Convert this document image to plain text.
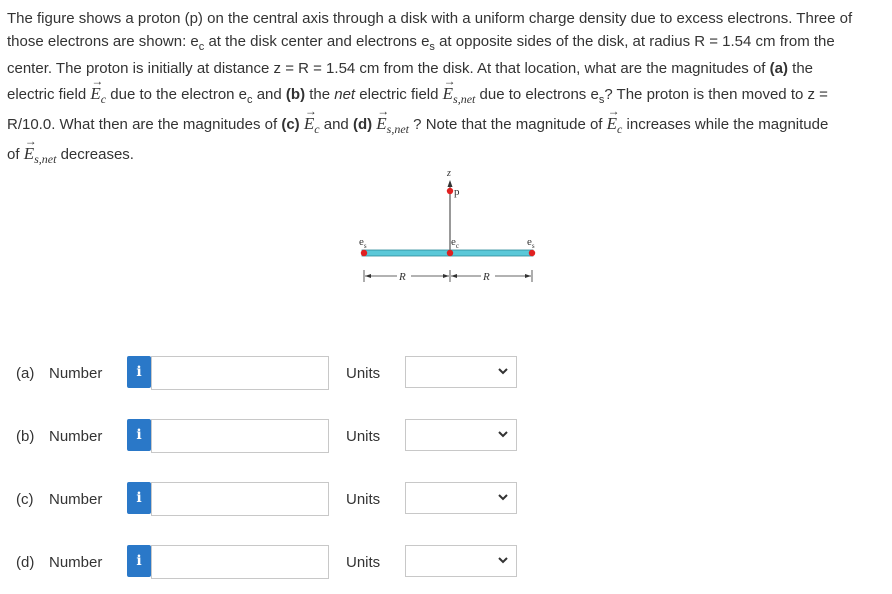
The figure shows a proton (p) on the central axis through a disk with a uniform charge density due to excess electrons. Three of

those electrons are shown: $e_c$ at the disk center and electrons $e_s$ at opposite sides of the disk, at radius R = 1.54 cm from the

center. The proton is initially at distance z = R = 1.54 cm from the disk. At that location, what are the magnitudes of (a) the

electric field
→
$E_c$ due to the electron $e_c$ and (b) the net electric field
→
$E_{s,net}$ due to electrons $e_s$? The proton is then moved to z =

R/10.0. What then are the magnitudes of (c)
→
$E_c$ and (d)
→
$E_{s,net}$ ? Note that the magnitude of
→
$E_c$ increases while the magnitude

of
→
$E_{s,net}$ decreases.

z
p
$e_s$	$e_c$	$e_s$
R	R
(a) Number	i	Units
(b) Number	i	Units
(c) Number	i	Units
(d) Number	i	Units
